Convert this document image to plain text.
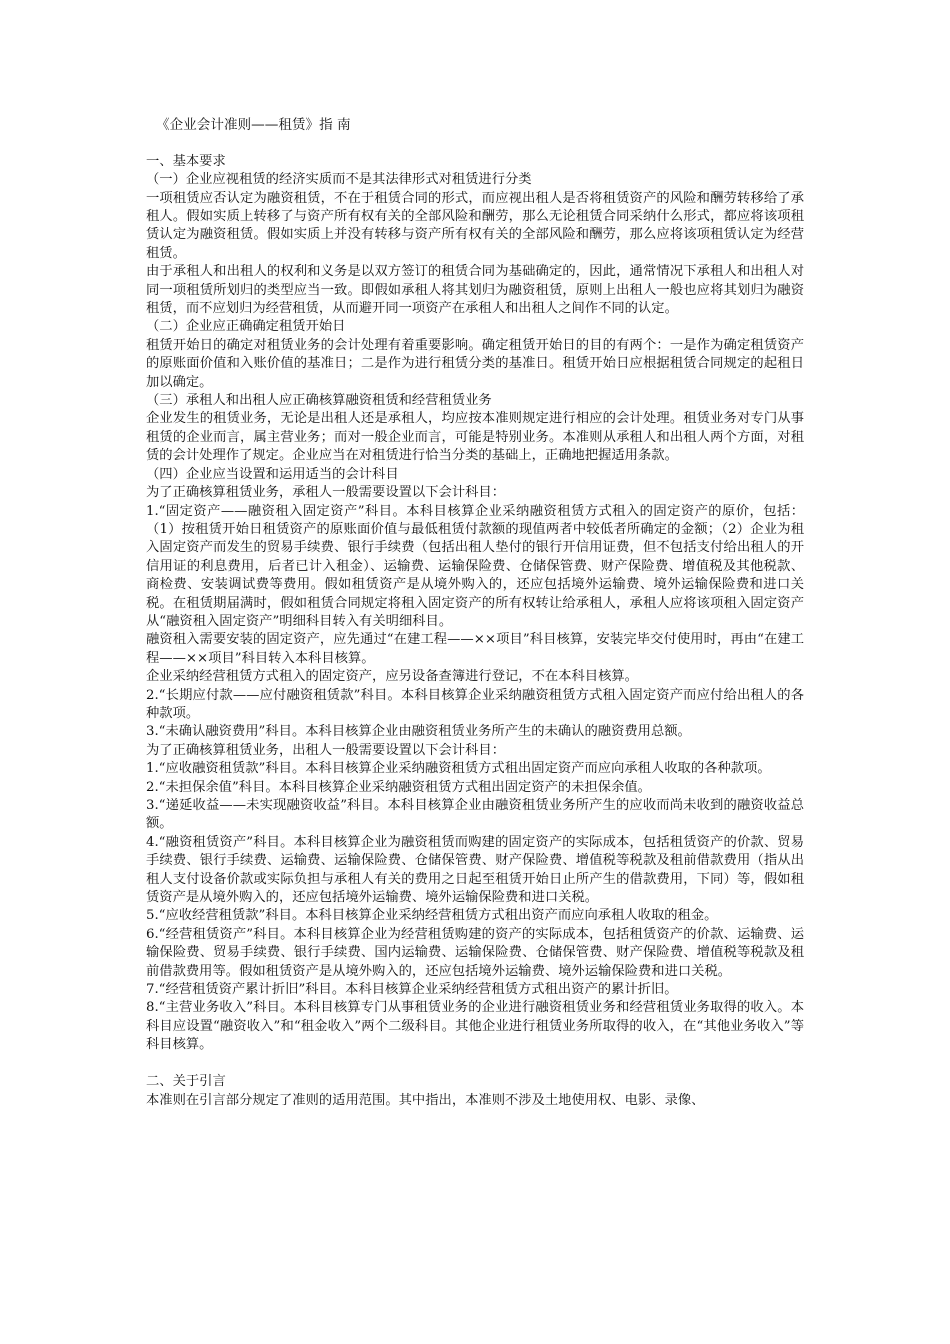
《企业会计准则——租赁》指 南
一、基本要求
（一）企业应视租赁的经济实质而不是其法律形式对租赁进行分类
一项租赁应否认定为融资租赁，不在于租赁合同的形式，而应视出租人是否将租赁资产的风险和酬劳转移给了承租人。假如实质上转移了与资产所有权有关的全部风险和酬劳，那么无论租赁合同采纳什么形式，都应将该项租赁认定为融资租赁。假如实质上并没有转移与资产所有权有关的全部风险和酬劳，那么应将该项租赁认定为经营租赁。
由于承租人和出租人的权利和义务是以双方签订的租赁合同为基础确定的，因此，通常情况下承租人和出租人对同一项租赁所划归的类型应当一致。即假如承租人将其划归为融资租赁，原则上出租人一般也应将其划归为融资租赁，而不应划归为经营租赁，从而避开同一项资产在承租人和出租人之间作不同的认定。
（二）企业应正确确定租赁开始日
租赁开始日的确定对租赁业务的会计处理有着重要影响。确定租赁开始日的目的有两个：一是作为确定租赁资产的原账面价值和入账价值的基准日；二是作为进行租赁分类的基准日。租赁开始日应根据租赁合同规定的起租日加以确定。
（三）承租人和出租人应正确核算融资租赁和经营租赁业务
企业发生的租赁业务，无论是出租人还是承租人，均应按本准则规定进行相应的会计处理。租赁业务对专门从事租赁的企业而言，属主营业务；而对一般企业而言，可能是特别业务。本准则从承租人和出租人两个方面，对租赁的会计处理作了规定。企业应当在对租赁进行恰当分类的基础上，正确地把握适用条款。
（四）企业应当设置和运用适当的会计科目
为了正确核算租赁业务，承租人一般需要设置以下会计科目：
1.“固定资产——融资租入固定资产”科目。本科目核算企业采纳融资租赁方式租入的固定资产的原价，包括：（1）按租赁开始日租赁资产的原账面价值与最低租赁付款额的现值两者中较低者所确定的金额；（2）企业为租入固定资产而发生的贸易手续费、银行手续费（包括出租人垫付的银行开信用证费，但不包括支付给出租人的开信用证的利息费用，后者已计入租金）、运输费、运输保险费、仓储保管费、财产保险费、增值税及其他税款、商检费、安装调试费等费用。假如租赁资产是从境外购入的，还应包括境外运输费、境外运输保险费和进口关税。在租赁期届满时，假如租赁合同规定将租入固定资产的所有权转让给承租人，承租人应将该项租入固定资产从“融资租入固定资产”明细科目转入有关明细科目。
融资租入需要安装的固定资产，应先通过“在建工程——××项目”科目核算，安装完毕交付使用时，再由“在建工程——××项目”科目转入本科目核算。
企业采纳经营租赁方式租入的固定资产，应另设备查簿进行登记，不在本科目核算。
2.“长期应付款——应付融资租赁款”科目。本科目核算企业采纳融资租赁方式租入固定资产而应付给出租人的各种款项。
3.“未确认融资费用”科目。本科目核算企业由融资租赁业务所产生的未确认的融资费用总额。
为了正确核算租赁业务，出租人一般需要设置以下会计科目：
1.“应收融资租赁款”科目。本科目核算企业采纳融资租赁方式租出固定资产而应向承租人收取的各种款项。
2.“未担保余值”科目。本科目核算企业采纳融资租赁方式租出固定资产的未担保余值。
3.“递延收益——未实现融资收益”科目。本科目核算企业由融资租赁业务所产生的应收而尚未收到的融资收益总额。
4.“融资租赁资产”科目。本科目核算企业为融资租赁而购建的固定资产的实际成本，包括租赁资产的价款、贸易手续费、银行手续费、运输费、运输保险费、仓储保管费、财产保险费、增值税等税款及租前借款费用（指从出租人支付设备价款或实际负担与承租人有关的费用之日起至租赁开始日止所产生的借款费用，下同）等，假如租赁资产是从境外购入的，还应包括境外运输费、境外运输保险费和进口关税。
5.“应收经营租赁款”科目。本科目核算企业采纳经营租赁方式租出资产而应向承租人收取的租金。
6.“经营租赁资产”科目。本科目核算企业为经营租赁购建的资产的实际成本，包括租赁资产的价款、运输费、运输保险费、贸易手续费、银行手续费、国内运输费、运输保险费、仓储保管费、财产保险费、增值税等税款及租前借款费用等。假如租赁资产是从境外购入的，还应包括境外运输费、境外运输保险费和进口关税。
7.“经营租赁资产累计折旧”科目。本科目核算企业采纳经营租赁方式租出资产的累计折旧。
8.“主营业务收入”科目。本科目核算专门从事租赁业务的企业进行融资租赁业务和经营租赁业务取得的收入。本科目应设置“融资收入”和“租金收入”两个二级科目。其他企业进行租赁业务所取得的收入，在“其他业务收入”等科目核算。
二、关于引言
本准则在引言部分规定了准则的适用范围。其中指出，本准则不涉及土地使用权、电影、录像、
